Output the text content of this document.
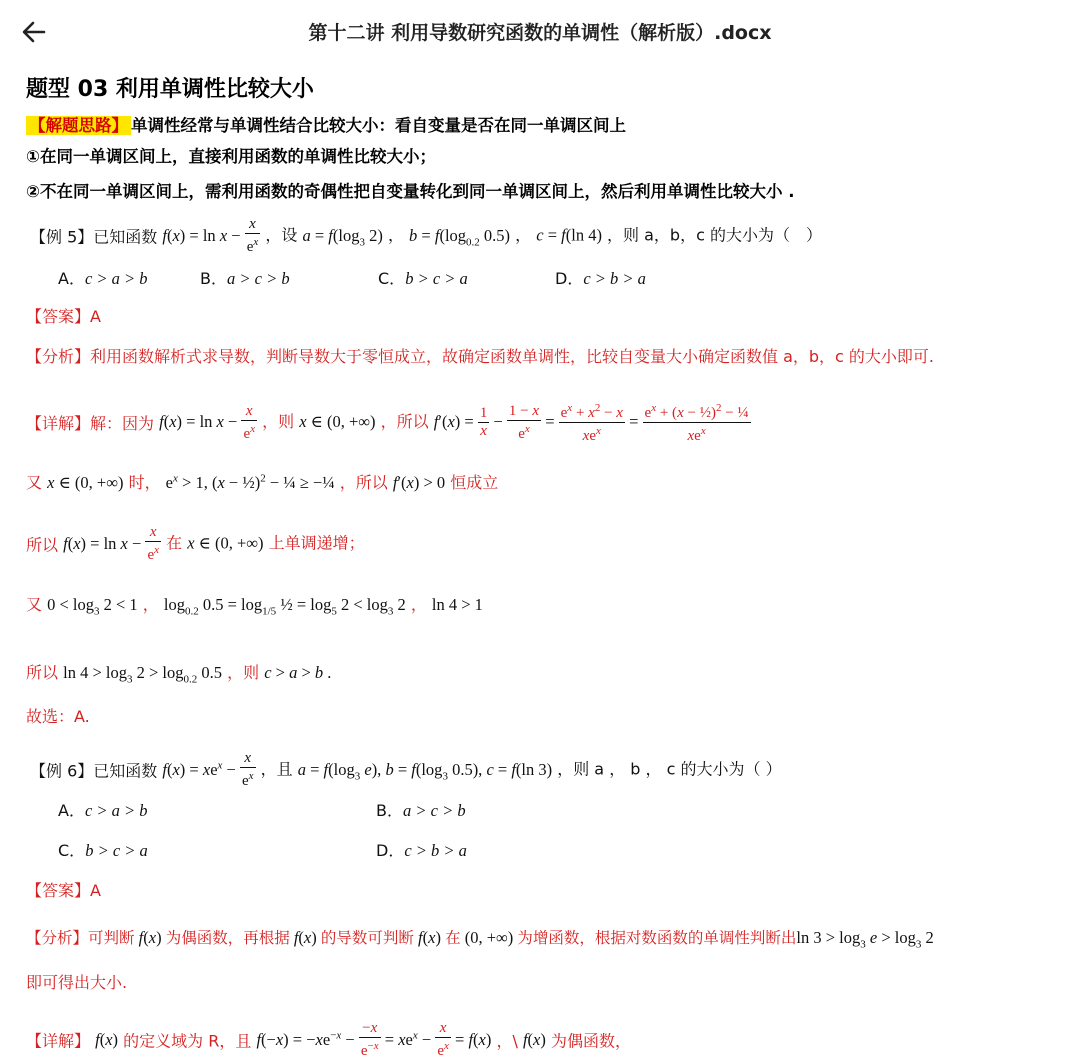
第十二讲 利用导数研究函数的单调性（解析版）.docx
题型 03 利用单调性比较大小
【解题思路】 单调性经常与单调性结合比较大小：看自变量是否在同一单调区间上
①在同一单调区间上，直接利用函数的单调性比较大小；
②不在同一单调区间上，需利用函数的奇偶性把自变量转化到同一单调区间上，然后利用单调性比较大小 .
【例 5】已知函数 $f(x) = \ln x - \frac{x}{e^x}$ ，设 $a = f(\log_3$ 2) ， $b = f(\log_{0.2}$ 0.5) ， c = f(ln 4) ，则 a，b，c 的大小为（　）
A．c > a > b	B．a > c > b	C．b > c > a	D．c > b > a
【答案】A
【分析】利用函数解析式求导数，判断导数大于零恒成立，故确定函数单调性，比较自变量大小确定函数值 a，b，c 的大小即可.
【详解】解：因为 $f(x) = \ln x - \frac{x}{e^x}$ ，则 x ∈ (0, +∞) ，所以 $f'(x) = \frac{1}{x} - \frac{1 - x}{e^x} = \frac{e^x + x^2 - x}{xe^x} = \frac{e^x + (x - \frac{1}{2})^2 - \frac{1}{4}}{xe^x}$
又 x ∈ (0, +∞) 时， $e^x > 1$, (x − ½)$^2$ − ¼ ≥ −¼ ，所以 f′(x) > 0 恒成立
所以 $f(x) = \ln x - \frac{x}{e^x}$ 在 x ∈ (0, +∞) 上单调递增；
又 $0 < \log_3 2 < 1$ ， $\log_{0.2} 0.5 = \log_{1/5}$ ½ = $\log_5 2 < \log_3 2$ ， ln 4 > 1
所以 $\ln 4 > \log_3 2 > \log_{0.2} 0.5$ ，则 c > a > b .
故选：A.
【例 6】已知函数 $f(x) = xe^x - \frac{x}{e^x}$ ，且 $a = f(\log_3$ e), $b = f(\log_3$ 0.5), c = f(ln 3) ，则 a ， b ， c 的大小为（ ）
A．c > a > b	B．a > c > b
C．b > c > a	D．c > b > a
【答案】A
【分析】可判断 f(x) 为偶函数，再根据 f(x) 的导数可判断 f(x) 在 (0, +∞) 为增函数，根据对数函数的单调性判断出$\ln 3 > \log_3 e > \log_3 2$
即可得出大小.
【详解】 f(x) 的定义域为 R，且 $f(-x) = -xe^{-x} - \frac{-x}{e^{-x}} = xe^x - \frac{x}{e^x} = f(x)$ ，\ f(x) 为偶函数，
